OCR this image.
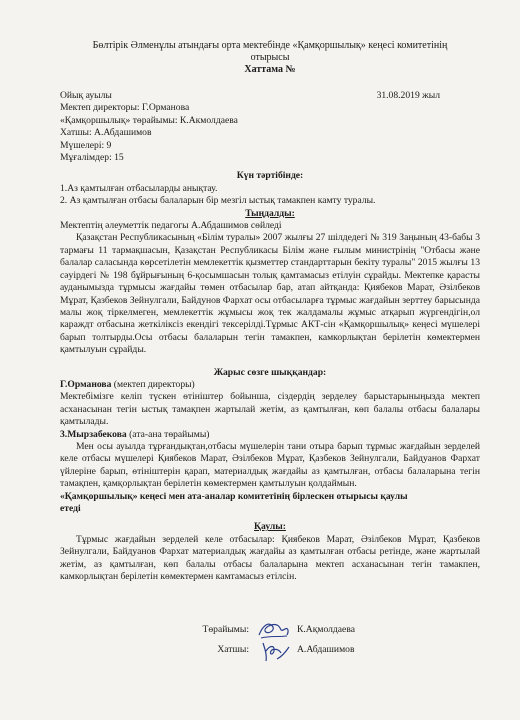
Бөлтірік Әлменұлы атындағы орта мектебінде «Қамқоршылық» кеңесі комитетінің
отырысы
Хаттама №
Ойық ауылы	31.08.2019 жыл
Мектеп директоры: Г.Орманова
«Қамқоршылық» төрайымы: К.Акмолдаева
Хатшы: А.Абдашимов
Мүшелері: 9
Мұғалімдер: 15
Күн тәртібінде:
1.Аз қамтылған отбасыларды анықтау.
2. Аз қамтылған отбасы балаларын бір мезгіл ыстық тамакпен камту туралы.
Тыңдалды:
Мектептің әлеуметтік педагогы А.Абдашимов сөйледі
Қазақстан Республикасының «Білім туралы» 2007 жылғы 27 шілдедегі № 319 Заңының 43-бабы 3 тармағы 11 тармақшасын, Қазақстан Республикасы Білім және ғылым министрінің "Отбасы және балалар саласында көрсетілетін мемлекеттік қызметтер стандарттарын бекіту туралы" 2015 жылғы 13 сәуірдегі № 198 бұйрығының 6-қосымшасын толық қамтамасыз етілуін сұрайды. Мектепке қарасты ауданымызда тұрмысы жағдайы төмен отбасылар бар, атап айтқанда: Қиябеков Марат, Әзілбеков Мұрат, Қазбеков Зейнулгали, Байдунов Фархат осы отбасыларға тұрмыс жағдайын зерттеу барысында малы жоқ тіркелмеген, мемлекеттік жұмысы жоқ тек жалдамалы жұмыс атқарып жүргендігін,ол караждт отбасына жеткіліксіз екендігі тексерілді.Тұрмыс АКТ-сін «Қамқоршылық» кеңесі мүшелері барып толтырды.Осы отбасы балаларын тегін тамакпен, камкорлықтан берілетін көмектермен қамтылуын сұрайды.
Жарыс сөзге шыққандар:
Г.Орманова (мектеп директоры)
Мектебімізге келіп түскен өтініштер бойынша, сіздердің зерделеу барыстарыныңызда мектеп асханасынан тегін ыстық тамақпен жартылай жетім, аз қамтылған, көп балалы отбасы балалары қамтылады.
3.Мырзабекова (ата-ана төрайымы)
Мен осы ауылда тұрғандықтан,отбасы мүшелерін тани отыра барып тұрмыс жағдайын зерделей келе отбасы мүшелері Қиябеков Марат, Әзілбеков Мұрат, Қазбеков Зейнулгали, Байдуанов Фархат үйлеріне барып, өтініштерін қарап, материалдық жағдайы аз қамтылған, отбасы балаларына тегін тамақпен, қамқорлықтан берілетін көмектермен қамтылуын қолдаймын.
«Қамқоршылық» кеңесі мен ата-аналар комитетінің бірлескен отырысы қаулы
етеді
Қаулы:
Тұрмыс жағдайын зерделей келе отбасылар: Қиябеков Марат, Әзілбеков Мұрат, Қазбеков Зейнулгали, Байдуанов Фархат материалдық жағдайы аз қамтылған отбасы ретінде, және жартылай жетім, аз қамтылған, көп балалы отбасы балаларына мектеп асханасынан тегін тамакпен, камкорлықтан берілетін көмектермен камтамасыз етілсін.
Төрайымы:	К.Ақмолдаева
Хатшы:	А.Абдашимов
